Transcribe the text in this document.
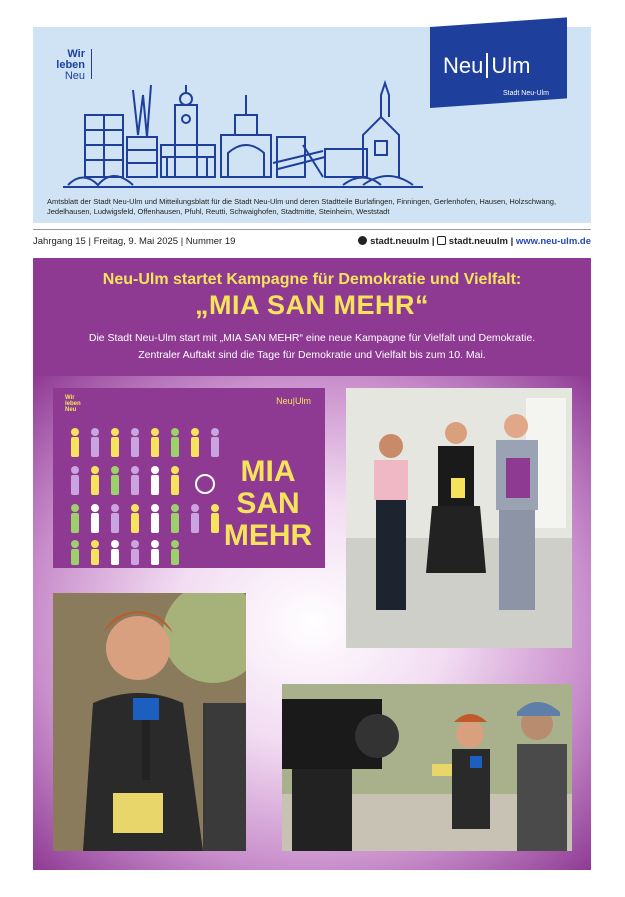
Wir
leben
Neu	Neu Ulm
Stadt Neu-Ulm
Amtsblatt der Stadt Neu-Ulm und Mitteilungsblatt für die Stadt Neu-Ulm und deren Stadtteile Burlafingen, Finningen, Gerlenhofen, Hausen, Holzschwang, Jedelhausen, Ludwigsfeld, Offenhausen, Pfuhl, Reutti, Schwaighofen, Stadtmitte, Steinheim, Weststadt
Jahrgang 15 | Freitag, 9. Mai 2025 | Nummer 19	stadt.neuulm | stadt.neuulm | www.neu-ulm.de
Neu-Ulm startet Kampagne für Demokratie und Vielfalt:
„MIA SAN MEHR“
Die Stadt Neu-Ulm start mit „MIA SAN MEHR“ eine neue Kampagne für Vielfalt und Demokratie.
Zentraler Auftakt sind die Tage für Demokratie und Vielfalt bis zum 10. Mai.
Wir
leben
Neu
Neu|Ulm
MIA
SAN
MEHR
